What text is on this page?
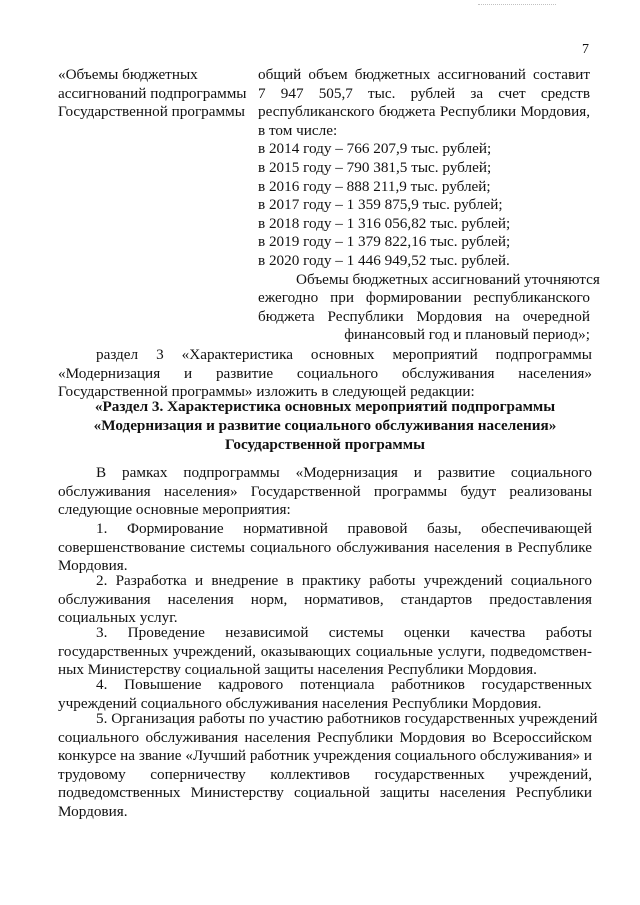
7
«Объемы бюджетных
ассигнований подпрограммы
Государственной программы
общий объем бюджетных ассигнований составит
7 947 505,7 тыс. рублей за счет средств
республиканского бюджета Республики Мордовия,
в том числе:
в 2014 году – 766 207,9 тыс. рублей;
в 2015 году – 790 381,5 тыс. рублей;
в 2016 году – 888 211,9 тыс. рублей;
в 2017 году – 1 359 875,9 тыс. рублей;
в 2018 году – 1 316 056,82 тыс. рублей;
в 2019 году – 1 379 822,16 тыс. рублей;
в 2020 году – 1 446 949,52 тыс. рублей.
Объемы бюджетных ассигнований уточняются
ежегодно при формировании республиканского
бюджета Республики Мордовия на очередной
финансовый год и плановый период»;
раздел 3 «Характеристика основных мероприятий подпрограммы
«Модернизация и развитие социального обслуживания населения»
Государственной программы» изложить в следующей редакции:
«Раздел 3. Характеристика основных мероприятий подпрограммы
«Модернизация и развитие социального обслуживания населения»
Государственной программы
В рамках подпрограммы «Модернизация и развитие социального
обслуживания населения» Государственной программы будут реализованы
следующие основные мероприятия:
1. Формирование нормативной правовой базы, обеспечивающей
совершенствование системы социального обслуживания населения в Республике
Мордовия.
2. Разработка и внедрение в практику работы учреждений социального
обслуживания населения норм, нормативов, стандартов предоставления
социальных услуг.
3. Проведение независимой системы оценки качества работы
государственных учреждений, оказывающих социальные услуги, подведомствен-
ных Министерству социальной защиты населения Республики Мордовия.
4. Повышение кадрового потенциала работников государственных
учреждений социального обслуживания населения Республики Мордовия.
5. Организация работы по участию работников государственных учреждений
социального обслуживания населения Республики Мордовия во Всероссийском
конкурсе на звание «Лучший работник учреждения социального обслуживания» и
трудовому соперничеству коллективов государственных учреждений,
подведомственных Министерству социальной защиты населения Республики
Мордовия.
